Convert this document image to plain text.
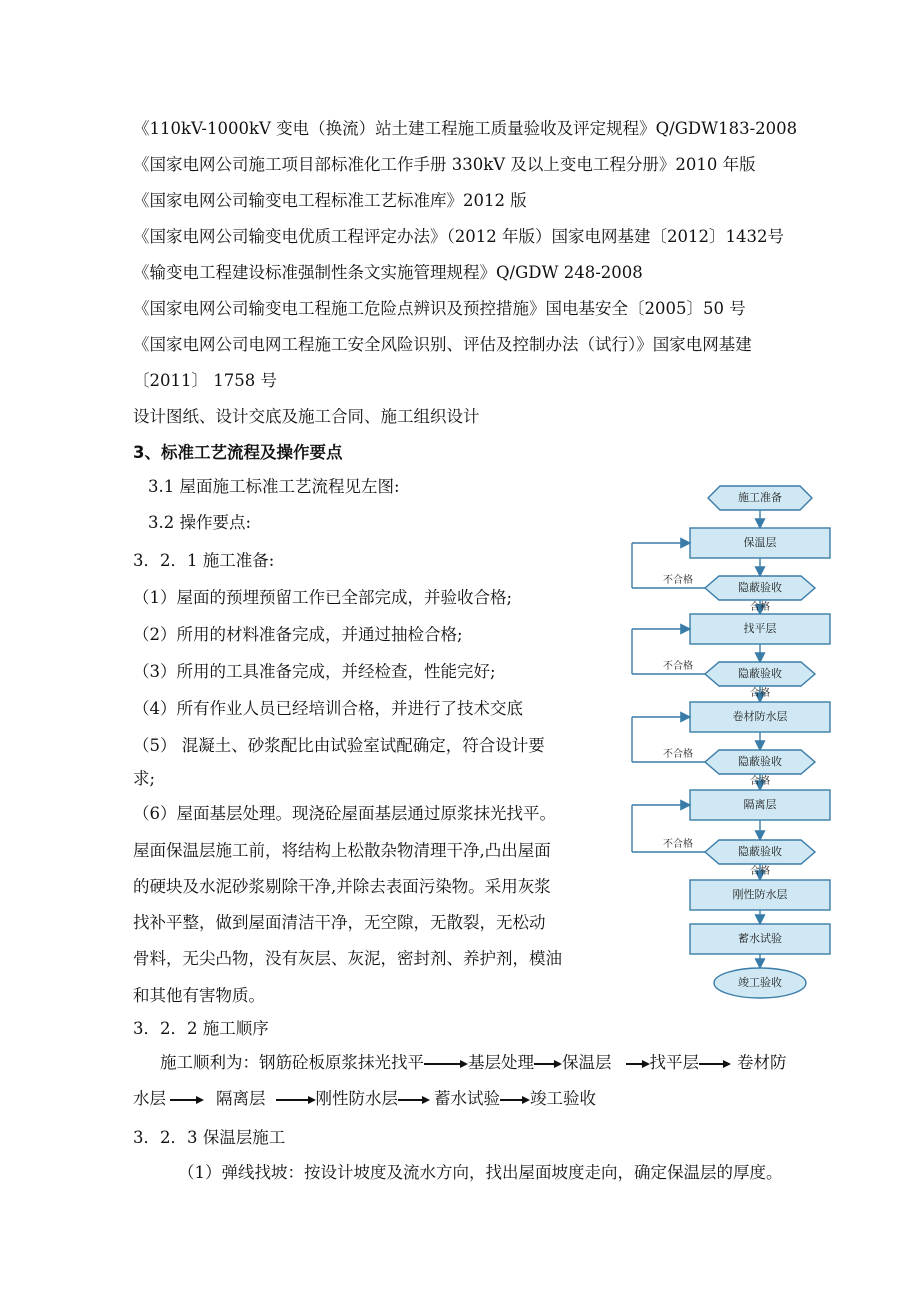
《110kV-1000kV 变电（换流）站土建工程施工质量验收及评定规程》Q/GDW183-2008
《国家电网公司施工项目部标准化工作手册 330kV 及以上变电工程分册》2010 年版
《国家电网公司输变电工程标准工艺标准库》2012 版
《国家电网公司输变电优质工程评定办法》（2012 年版）国家电网基建〔2012〕1432号
《输变电工程建设标准强制性条文实施管理规程》Q/GDW 248-2008
《国家电网公司输变电工程施工危险点辨识及预控措施》国电基安全〔2005〕50 号
《国家电网公司电网工程施工安全风险识别、评估及控制办法（试行）》国家电网基建
〔2011〕 1758 号
设计图纸、设计交底及施工合同、施工组织设计
3、标准工艺流程及操作要点
3.1 屋面施工标准工艺流程见左图:
3.2 操作要点:
3．2．1 施工准备:
（1）屋面的预埋预留工作已全部完成，并验收合格;
（2）所用的材料准备完成，并通过抽检合格;
（3）所用的工具准备完成，并经检查，性能完好;
（4）所有作业人员已经培训合格，并进行了技术交底
（5） 混凝土、砂浆配比由试验室试配确定，符合设计要
求;
（6）屋面基层处理。现浇砼屋面基层通过原浆抹光找平。
屋面保温层施工前，将结构上松散杂物清理干净,凸出屋面
的硬块及水泥砂浆剔除干净,并除去表面污染物。采用灰浆
找补平整，做到屋面清洁干净，无空隙，无散裂，无松动
骨料，无尖凸物，没有灰层、灰泥，密封剂、养护剂，模油
和其他有害物质。
3．2．2 施工顺序
施工顺利为：钢筋砼板原浆抹光找平	基层处理 保温层 找平层 卷材防
水层	隔离层	刚性防水层 蓄水试验 竣工验收
3．2．3 保温层施工
（1）弹线找坡：按设计坡度及流水方向，找出屋面坡度走向，确定保温层的厚度。
施工准备
保温层
隐蔽验收
合格
不合格
找平层
隐蔽验收
合格
不合格
卷材防水层
隐蔽验收
合格
不合格
隔离层
隐蔽验收
合格
不合格
刚性防水层
蓄水试验
竣工验收
